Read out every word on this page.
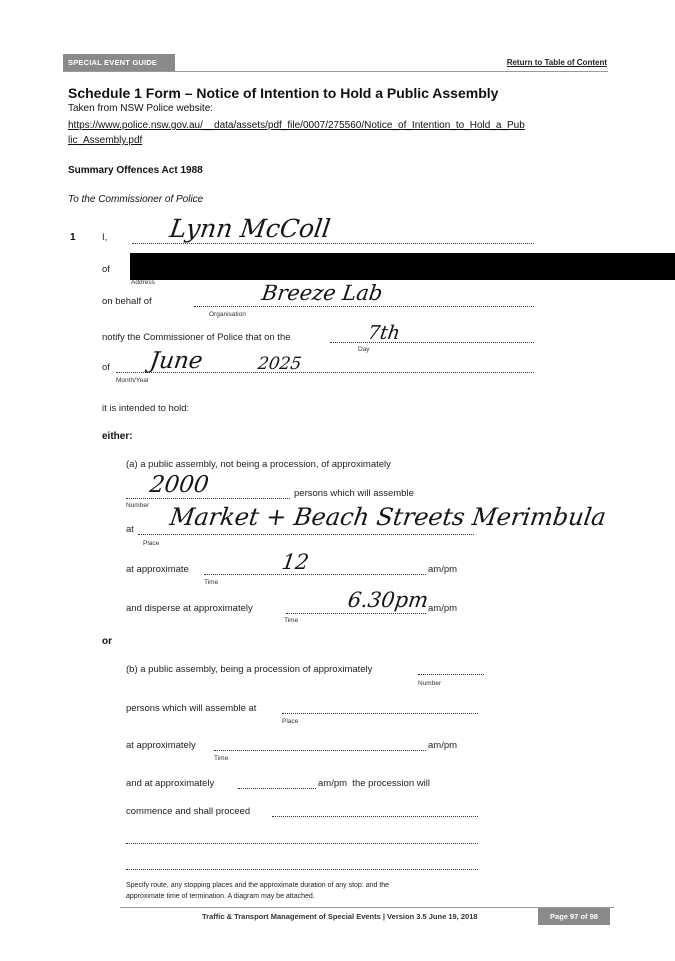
SPECIAL EVENT GUIDE	Return to Table of Content
Schedule 1 Form – Notice of Intention to Hold a Public Assembly
Taken from NSW Police website:
https://www.police.nsw.gov.au/__data/assets/pdf_file/0007/275560/Notice_of_Intention_to_Hold_a_Pub
lic_Assembly.pdf
Summary Offences Act 1988
To the Commissioner of Police
1	I, Lynn McColl
of
Address
on behalf of	Breeze Lab
Organisation
notify the Commissioner of Police that on the	7th
Day
of June	2025
Month/Year
it is intended to hold:
either:
(a) a public assembly, not being a procession, of approximately
2000	persons which will assemble
Number
at Market + Beach Streets Merimbula
Place
at approximate	12	am/pm
Time
and disperse at approximately	6.30pm
am/pm
Time
or
(b) a public assembly, being a procession of approximately
Number
persons which will assemble at
Place
at approximately	am/pm
Time
and at approximately	am/pm  the procession will
commence and shall proceed
Specify route, any stopping places and the approximate duration of any stop: and the
approximate time of termination. A diagram may be attached.
Traffic & Transport Management of Special Events | Version 3.5 June 19, 2018	Page 97 of 98
